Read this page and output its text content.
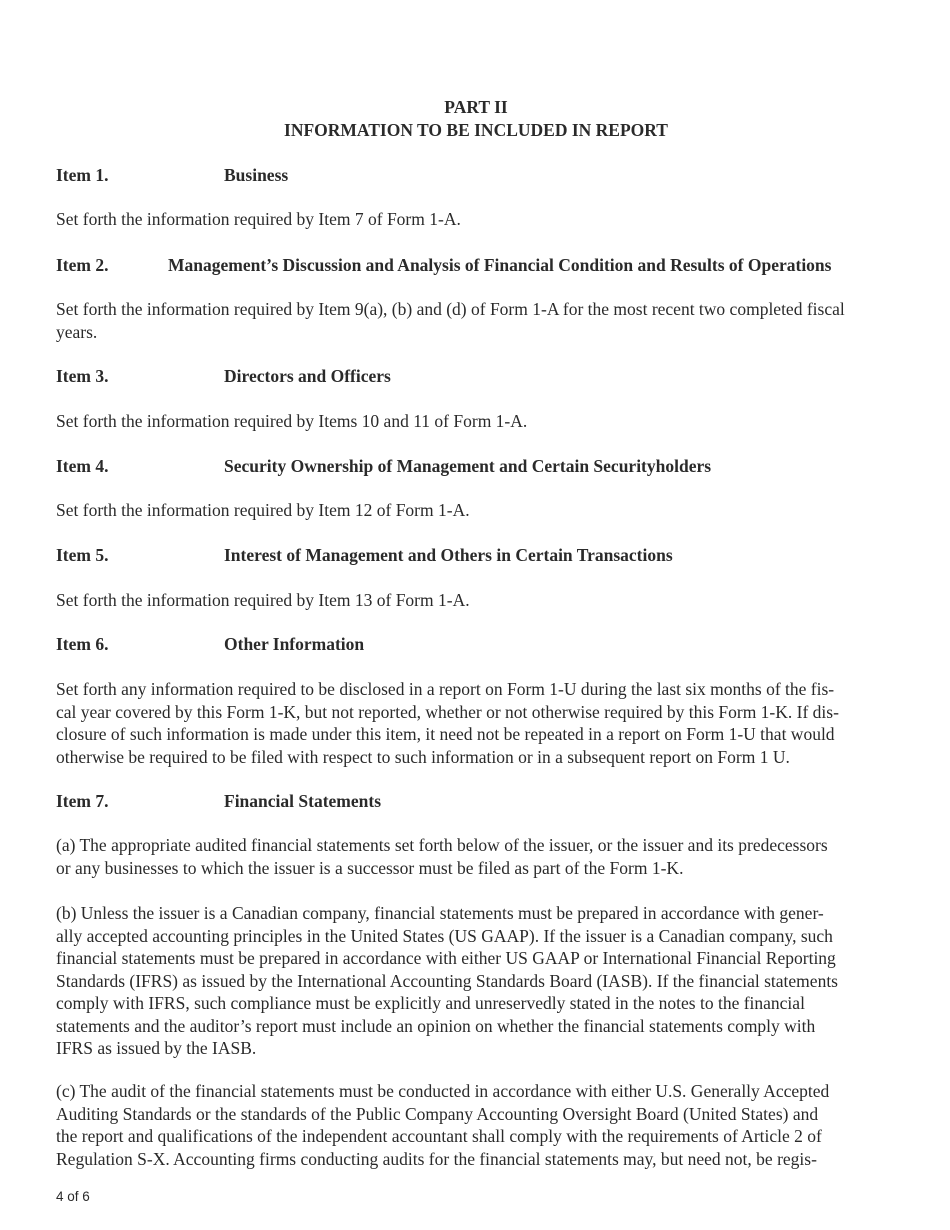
PART II
INFORMATION TO BE INCLUDED IN REPORT
Item 1.	Business
Set forth the information required by Item 7 of Form 1-A.
Item 2.	Management’s Discussion and Analysis of Financial Condition and Results of Operations
Set forth the information required by Item 9(a), (b) and (d) of Form 1-A for the most recent two completed fiscal
years.
Item 3.	Directors and Officers
Set forth the information required by Items 10 and 11 of Form 1-A.
Item 4.	Security Ownership of Management and Certain Securityholders
Set forth the information required by Item 12 of Form 1-A.
Item 5.	Interest of Management and Others in Certain Transactions
Set forth the information required by Item 13 of Form 1-A.
Item 6.	Other Information
Set forth any information required to be disclosed in a report on Form 1-U during the last six months of the fis-
cal year covered by this Form 1-K, but not reported, whether or not otherwise required by this Form 1-K. If dis-
closure of such information is made under this item, it need not be repeated in a report on Form 1-U that would
otherwise be required to be filed with respect to such information or in a subsequent report on Form 1 U.
Item 7.	Financial Statements
(a) The appropriate audited financial statements set forth below of the issuer, or the issuer and its predecessors
or any businesses to which the issuer is a successor must be filed as part of the Form 1-K.
(b) Unless the issuer is a Canadian company, financial statements must be prepared in accordance with gener-
ally accepted accounting principles in the United States (US GAAP). If the issuer is a Canadian company, such
financial statements must be prepared in accordance with either US GAAP or International Financial Reporting
Standards (IFRS) as issued by the International Accounting Standards Board (IASB). If the financial statements
comply with IFRS, such compliance must be explicitly and unreservedly stated in the notes to the financial
statements and the auditor’s report must include an opinion on whether the financial statements comply with
IFRS as issued by the IASB.
(c) The audit of the financial statements must be conducted in accordance with either U.S. Generally Accepted
Auditing Standards or the standards of the Public Company Accounting Oversight Board (United States) and
the report and qualifications of the independent accountant shall comply with the requirements of Article 2 of
Regulation S-X. Accounting firms conducting audits for the financial statements may, but need not, be regis-
4 of 6
